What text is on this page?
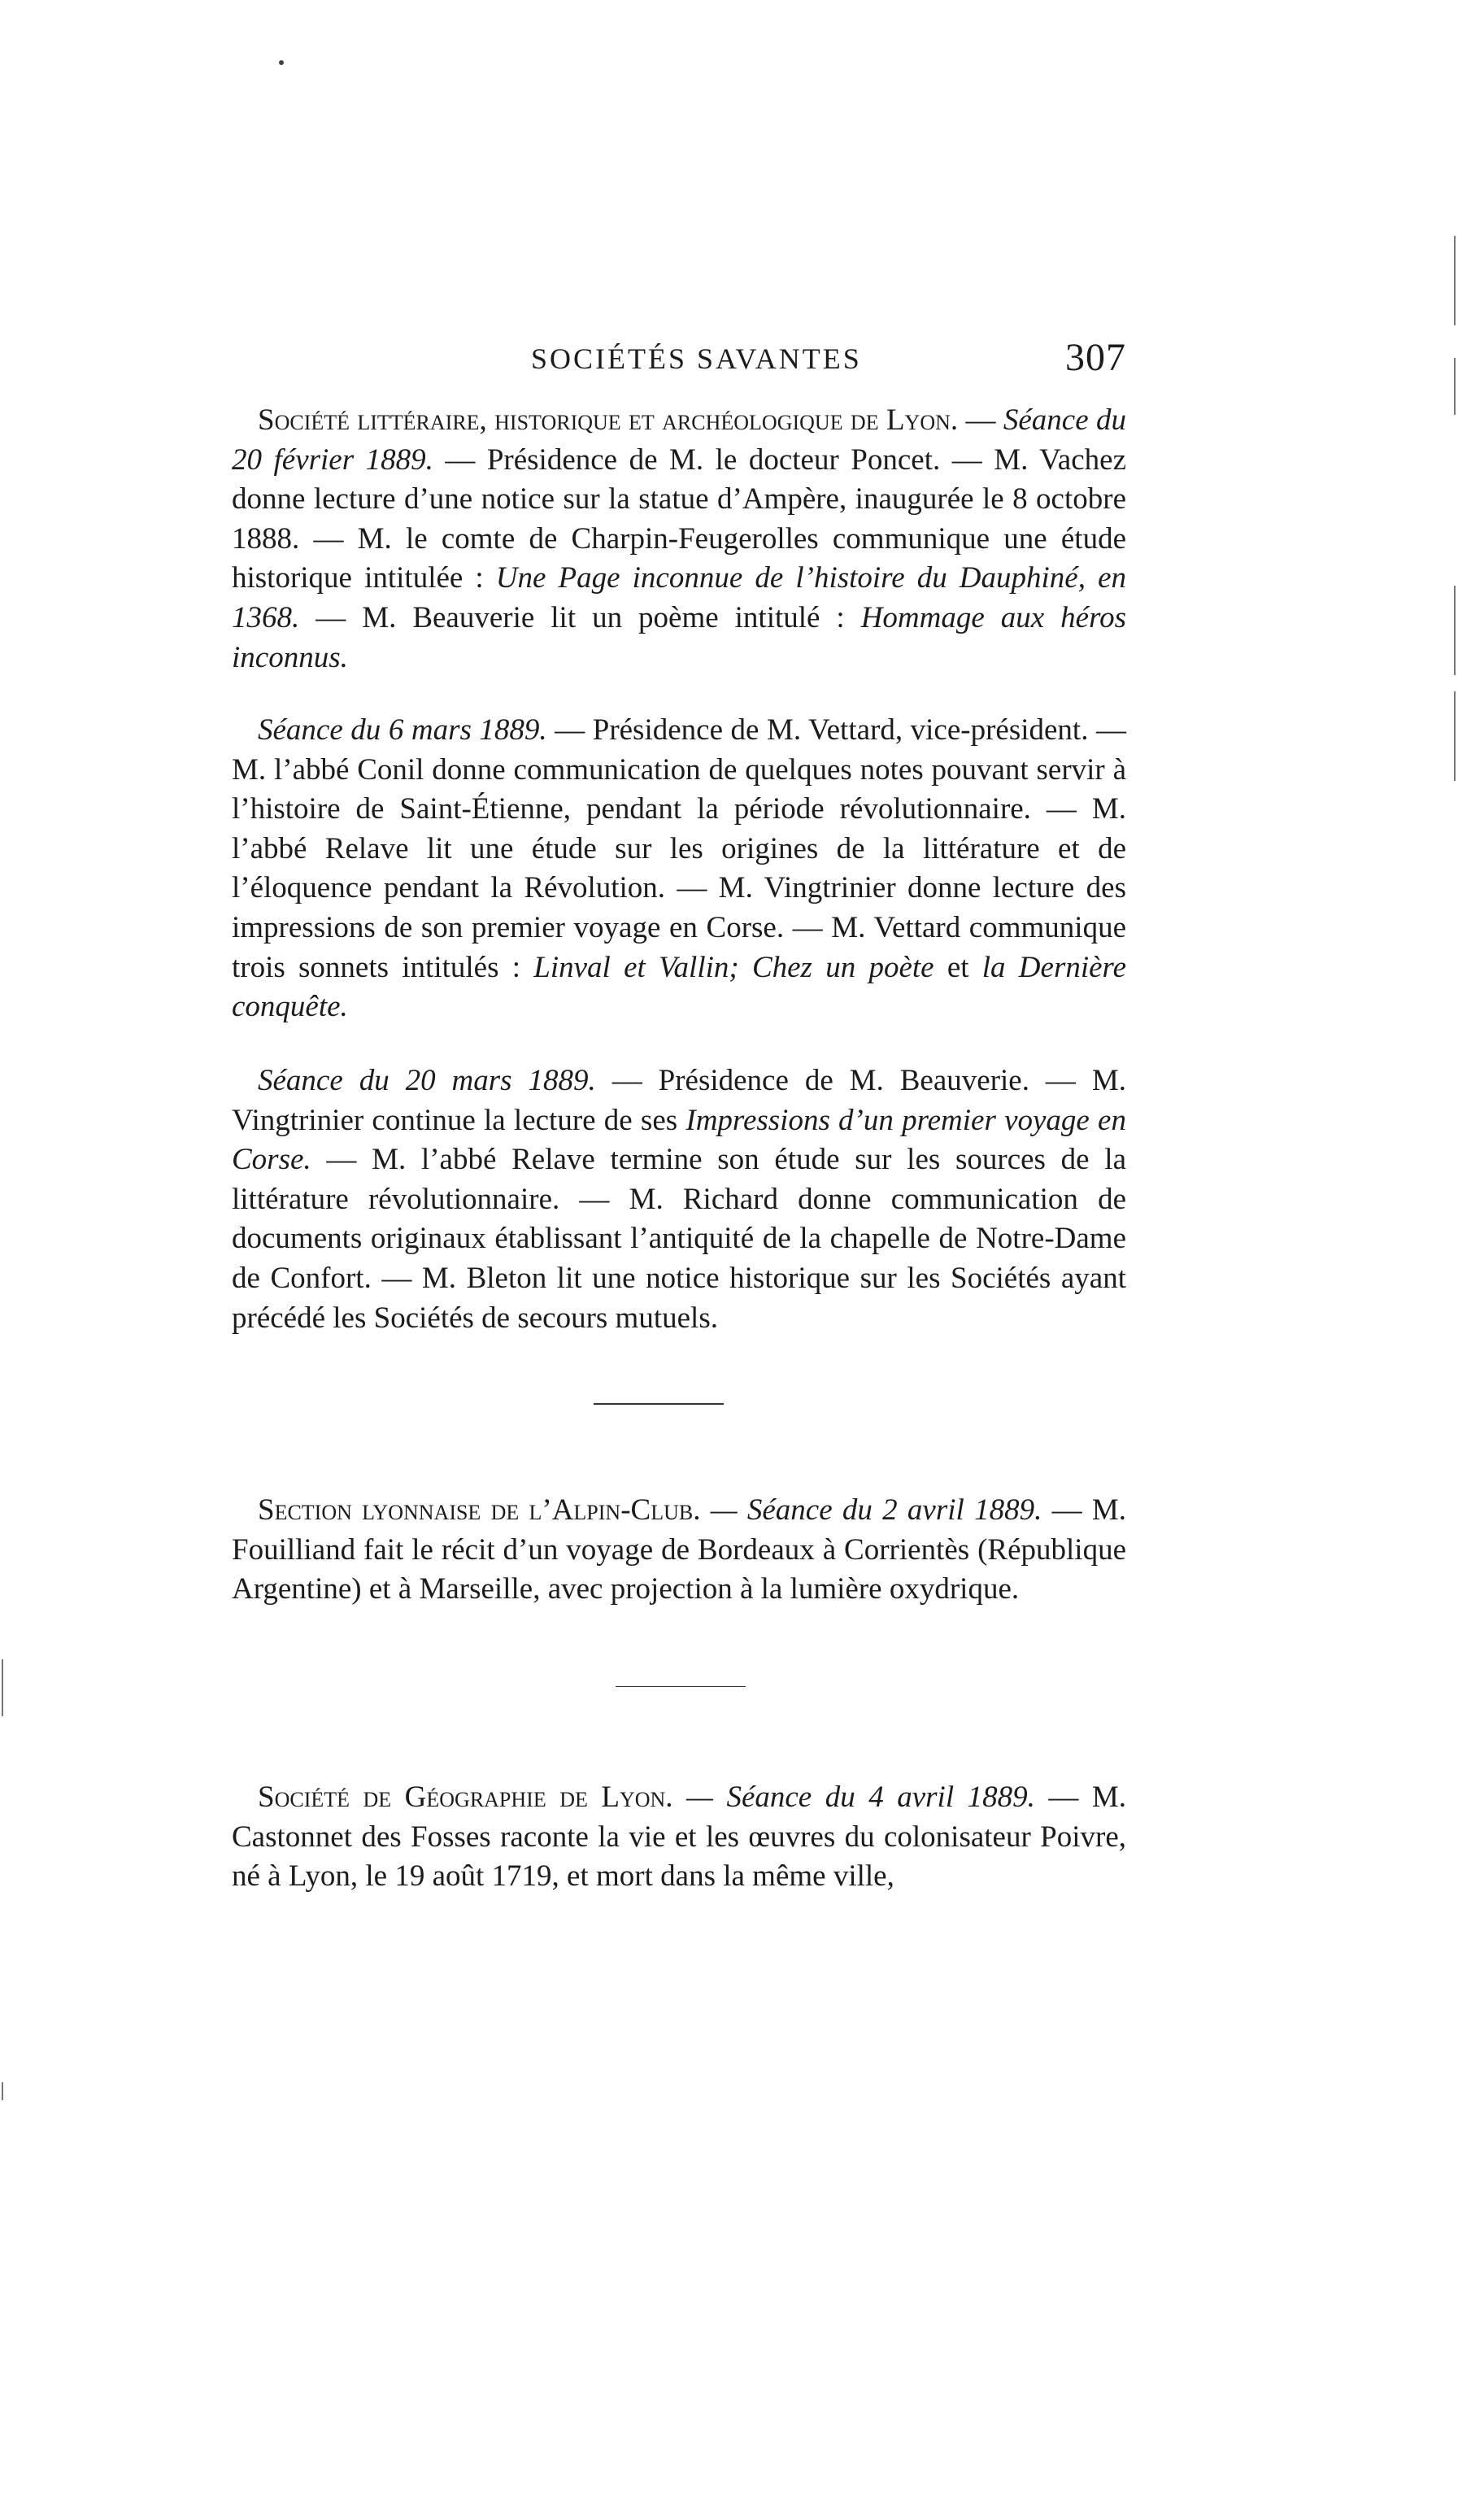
SOCIÉTÉS SAVANTES	307

Société littéraire, historique et archéologique de Lyon. — Séance du 20 février 1889. — Présidence de M. le docteur Poncet. — M. Vachez donne lecture d’une notice sur la statue d’Ampère, inaugurée le 8 octobre 1888. — M. le comte de Charpin-Feugerolles communique une étude historique intitulée : Une Page inconnue de l’histoire du Dauphiné, en 1368. — M. Beauverie lit un poème intitulé : Hommage aux héros inconnus.

Séance du 6 mars 1889. — Présidence de M. Vettard, vice-président. — M. l’abbé Conil donne communication de quelques notes pouvant servir à l’histoire de Saint-Étienne, pendant la période révolutionnaire. — M. l’abbé Relave lit une étude sur les origines de la littérature et de l’éloquence pendant la Révolution. — M. Vingtrinier donne lecture des impressions de son premier voyage en Corse. — M. Vettard communique trois sonnets intitulés : Linval et Vallin; Chez un poète et la Dernière conquête.

Séance du 20 mars 1889. — Présidence de M. Beauverie. — M. Vingtrinier continue la lecture de ses Impressions d’un premier voyage en Corse. — M. l’abbé Relave termine son étude sur les sources de la littérature révolutionnaire. — M. Richard donne communication de documents originaux établissant l’antiquité de la chapelle de Notre-Dame de Confort. — M. Bleton lit une notice historique sur les Sociétés ayant précédé les Sociétés de secours mutuels.

Section lyonnaise de l’Alpin-Club. — Séance du 2 avril 1889. — M. Fouilliand fait le récit d’un voyage de Bordeaux à Corrientès (République Argentine) et à Marseille, avec projection à la lumière oxydrique.

Société de Géographie de Lyon. — Séance du 4 avril 1889. — M. Castonnet des Fosses raconte la vie et les œuvres du colonisateur Poivre, né à Lyon, le 19 août 1719, et mort dans la même ville,
